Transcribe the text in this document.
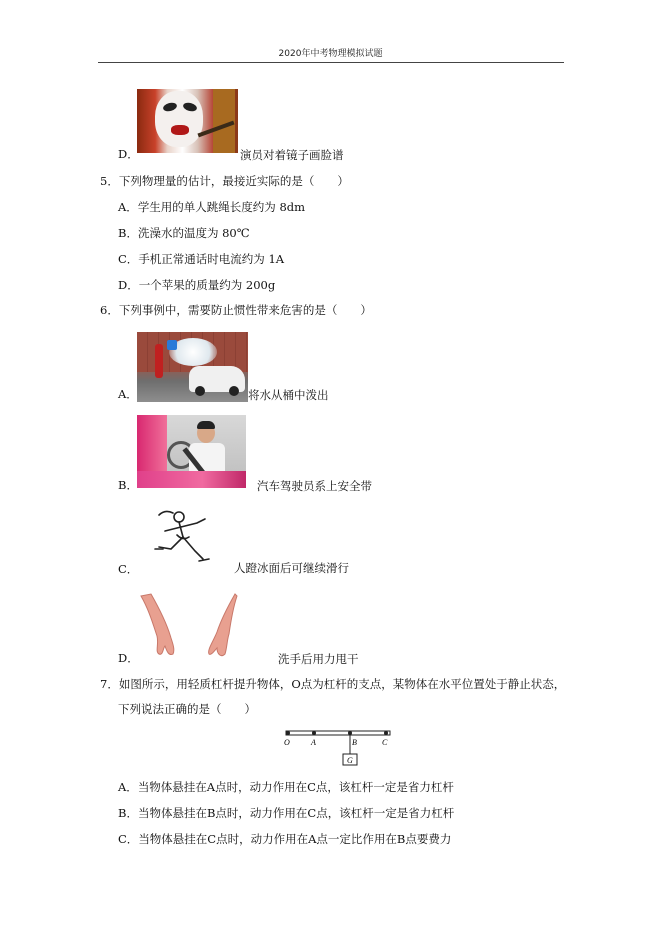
2020年中考物理模拟试题
D．	演员对着镜子画脸谱
5．下列物理量的估计，最接近实际的是（　　）
A．学生用的单人跳绳长度约为 8dm
B．洗澡水的温度为 80℃
C．手机正常通话时电流约为 1A
D．一个苹果的质量约为 200g
6．下列事例中，需要防止惯性带来危害的是（　　）
A．	将水从桶中泼出
B．	汽车驾驶员系上安全带
C．	人蹬冰面后可继续滑行
D．	洗手后用力甩干
7．如图所示，用轻质杠杆提升物体，O点为杠杆的支点，某物体在水平位置处于静止状态，
下列说法正确的是（　　）
O	A	B	C
G
A．当物体悬挂在A点时，动力作用在C点，该杠杆一定是省力杠杆
B．当物体悬挂在B点时，动力作用在C点，该杠杆一定是省力杠杆
C．当物体悬挂在C点时，动力作用在A点一定比作用在B点要费力
